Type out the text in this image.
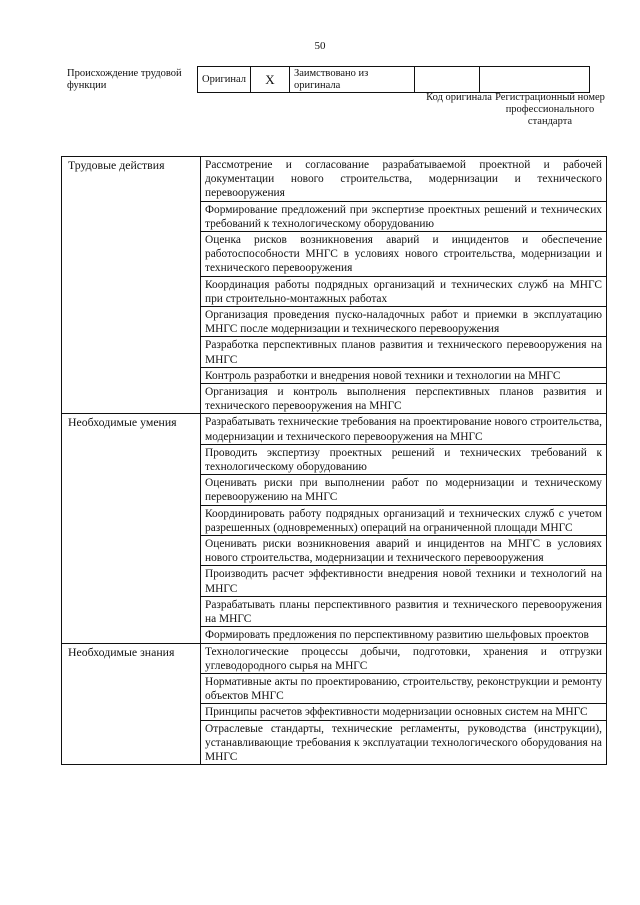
50
Происхождение трудовой функции
Оригинал	X	Заимствовано из оригинала		
Код оригинала Регистрационный номер профессионального стандарта
Трудовые действия	Рассмотрение и согласование разрабатываемой проектной и рабочей документации нового строительства, модернизации и технического перевооружения
	Формирование предложений при экспертизе проектных решений и технических требований к технологическому оборудованию
	Оценка рисков возникновения аварий и инцидентов и обеспечение работоспособности МНГС в условиях нового строительства, модернизации и технического перевооружения
	Координация работы подрядных организаций и технических служб на МНГС при строительно-монтажных работах
	Организация проведения пуско-наладочных работ и приемки в эксплуатацию МНГС после модернизации и технического перевооружения
	Разработка перспективных планов развития и технического перевооружения на МНГС
	Контроль разработки и внедрения новой техники и технологии на МНГС
	Организация и контроль выполнения перспективных планов развития и технического перевооружения на МНГС
Необходимые умения	Разрабатывать технические требования на проектирование нового строительства, модернизации и технического перевооружения на МНГС
	Проводить экспертизу проектных решений и технических требований к технологическому оборудованию
	Оценивать риски при выполнении работ по модернизации и техническому перевооружению на МНГС
	Координировать работу подрядных организаций и технических служб с учетом разрешенных (одновременных) операций на ограниченной площади МНГС
	Оценивать риски возникновения аварий и инцидентов на МНГС в условиях нового строительства, модернизации и технического перевооружения
	Производить расчет эффективности внедрения новой техники и технологий на МНГС
	Разрабатывать планы перспективного развития и технического перевооружения на МНГС
	Формировать предложения по перспективному развитию шельфовых проектов
Необходимые знания	Технологические процессы добычи, подготовки, хранения и отгрузки углеводородного сырья на МНГС
	Нормативные акты по проектированию, строительству, реконструкции и ремонту объектов МНГС
	Принципы расчетов эффективности модернизации основных систем на МНГС
	Отраслевые стандарты, технические регламенты, руководства (инструкции), устанавливающие требования к эксплуатации технологического оборудования на МНГС
